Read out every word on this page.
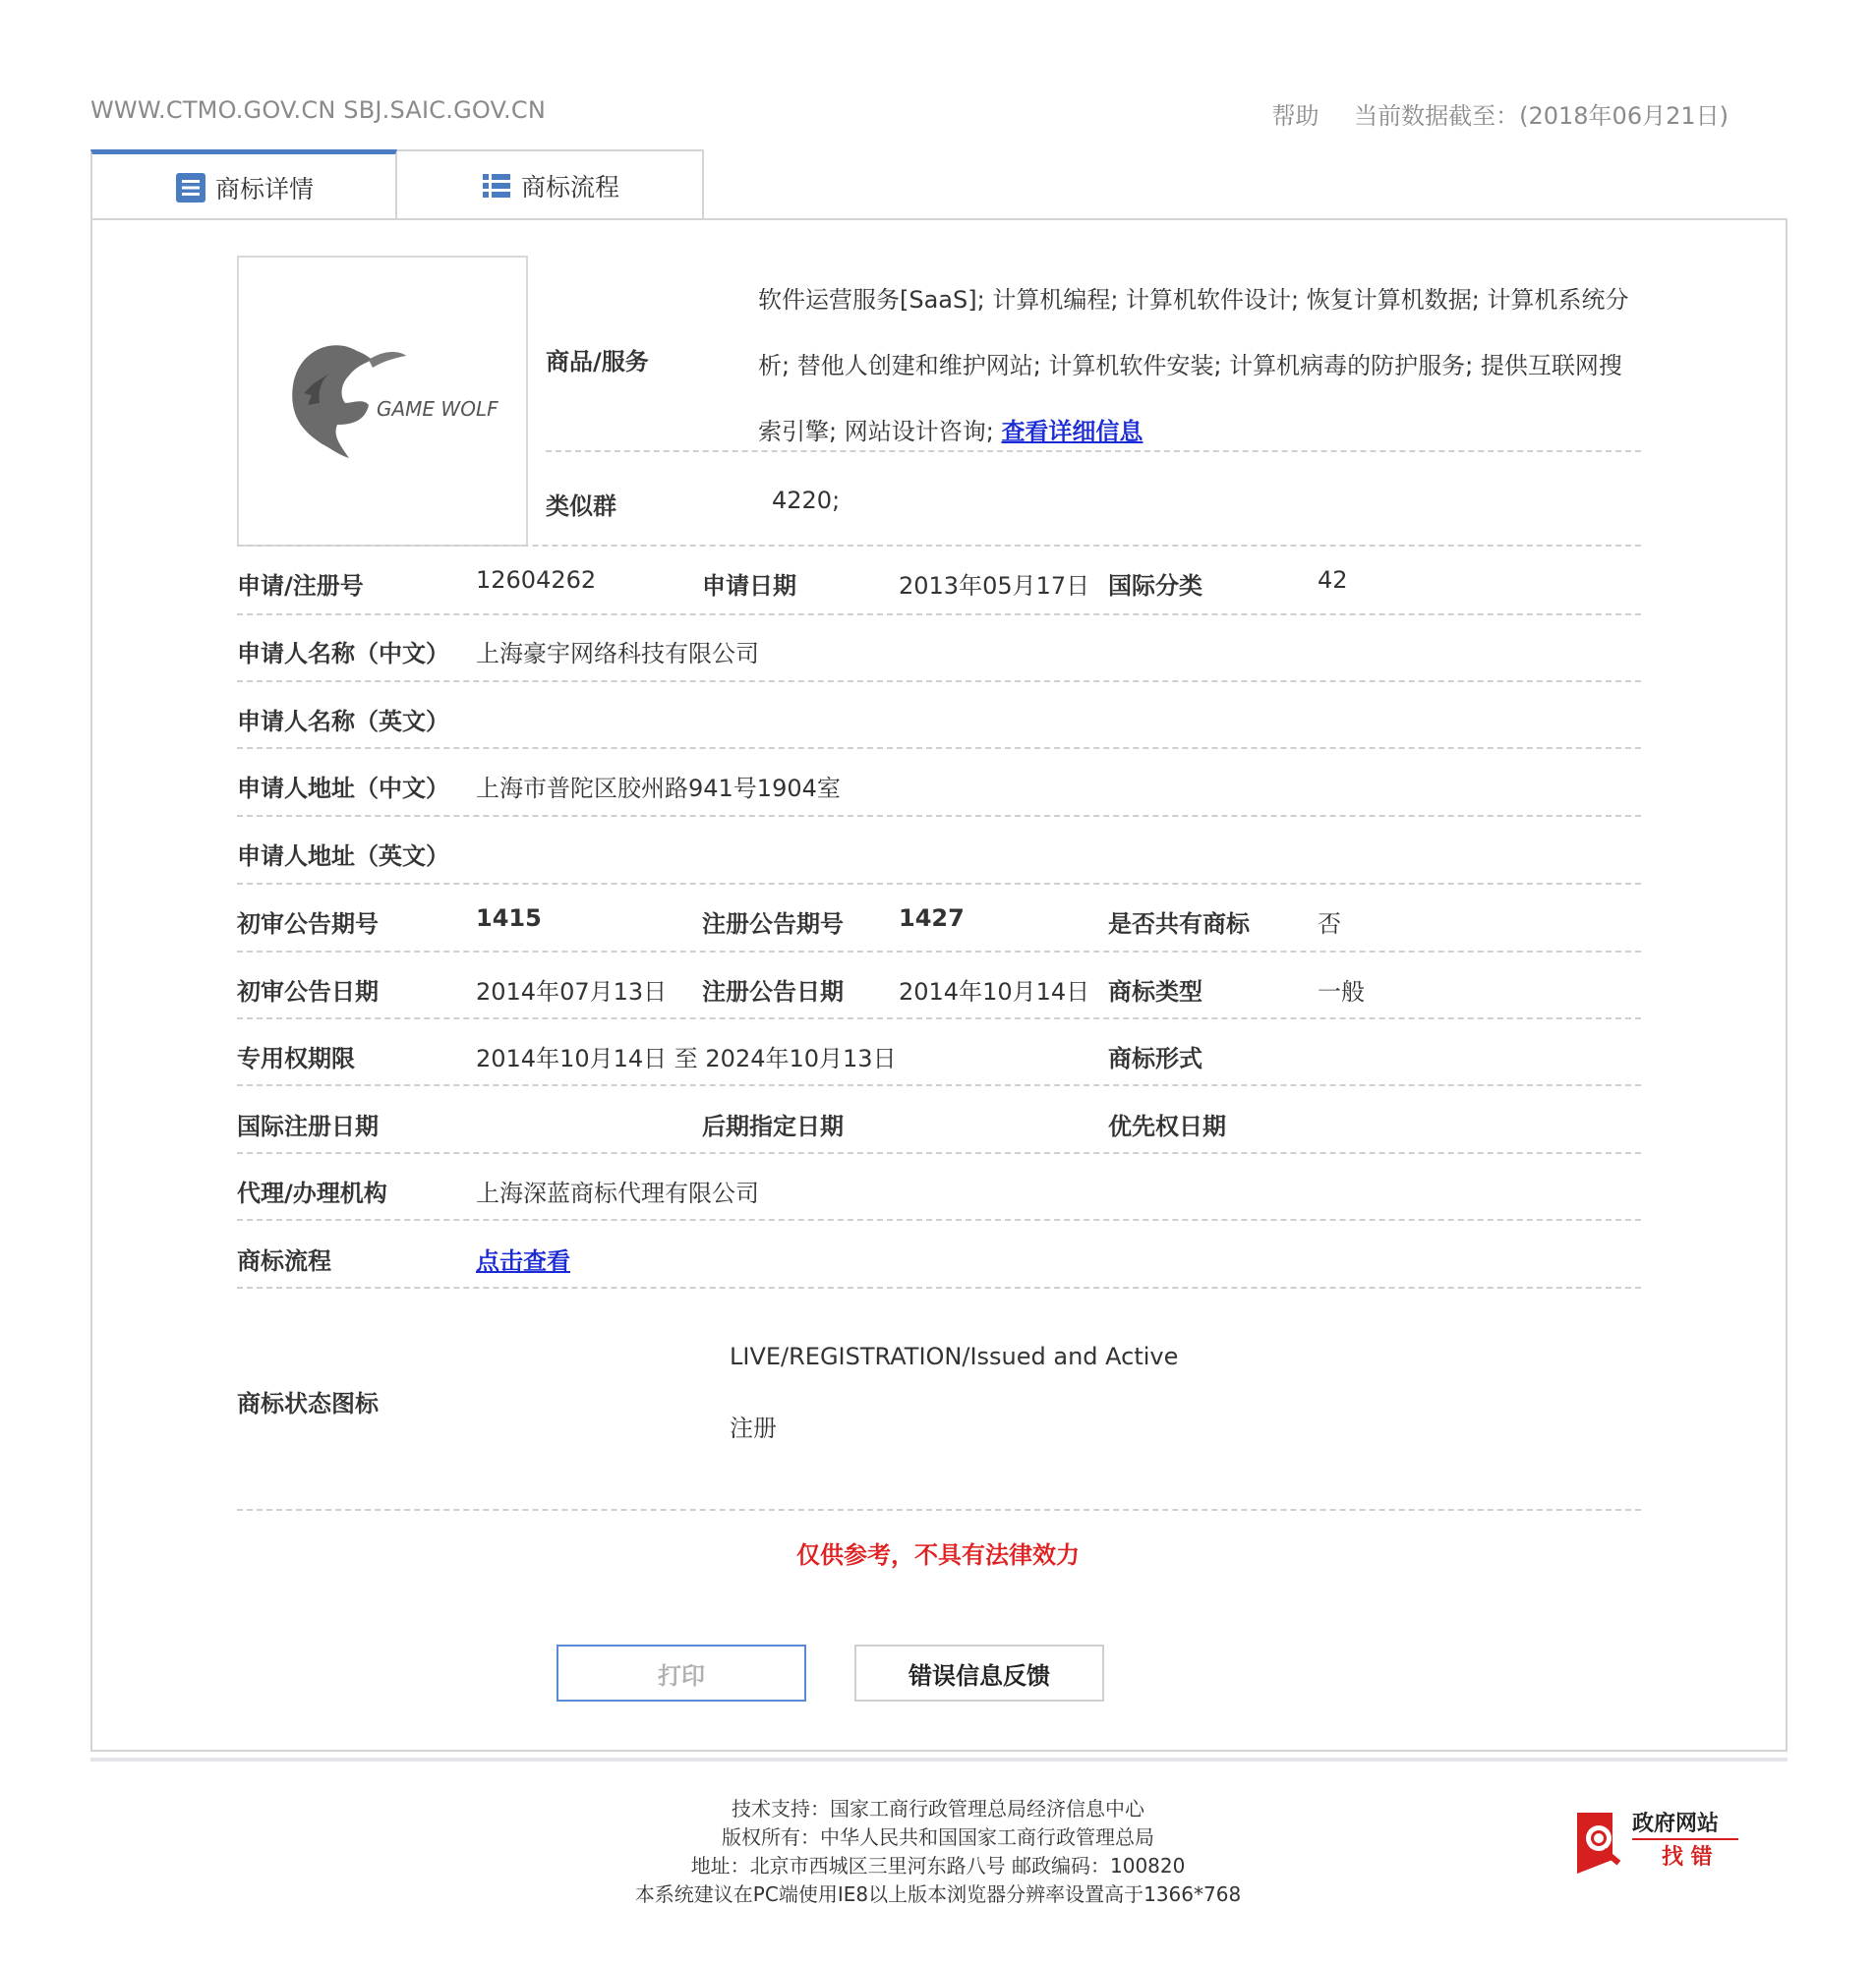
WWW.CTMO.GOV.CN SBJ.SAIC.GOV.CN	帮助 当前数据截至：(2018年06月21日)
商标详情	商标流程
GAME WOLF
商品/服务
软件运营服务[SaaS]; 计算机编程; 计算机软件设计; 恢复计算机数据; 计算机系统分析; 替他人创建和维护网站; 计算机软件安装; 计算机病毒的防护服务; 提供互联网搜索引擎; 网站设计咨询; 查看详细信息
类似群	4220;
申请/注册号	12604262	申请日期	2013年05月17日 国际分类	42
申请人名称（中文） 上海豪宇网络科技有限公司
申请人名称（英文）
申请人地址（中文） 上海市普陀区胶州路941号1904室
申请人地址（英文）
初审公告期号	1415	注册公告期号 1427	是否共有商标	否
初审公告日期	2014年07月13日 注册公告日期 2014年10月14日 商标类型	一般
专用权期限	2014年10月14日 至 2024年10月13日	商标形式
国际注册日期	后期指定日期	优先权日期
代理/办理机构	上海深蓝商标代理有限公司
商标流程	点击查看
商标状态图标
LIVE/REGISTRATION/Issued and Active
注册
仅供参考，不具有法律效力
打印	错误信息反馈
技术支持：国家工商行政管理总局经济信息中心
版权所有：中华人民共和国国家工商行政管理总局
地址：北京市西城区三里河东路八号 邮政编码：100820
本系统建议在PC端使用IE8以上版本浏览器分辨率设置高于1366*768
政府网站
找 错
